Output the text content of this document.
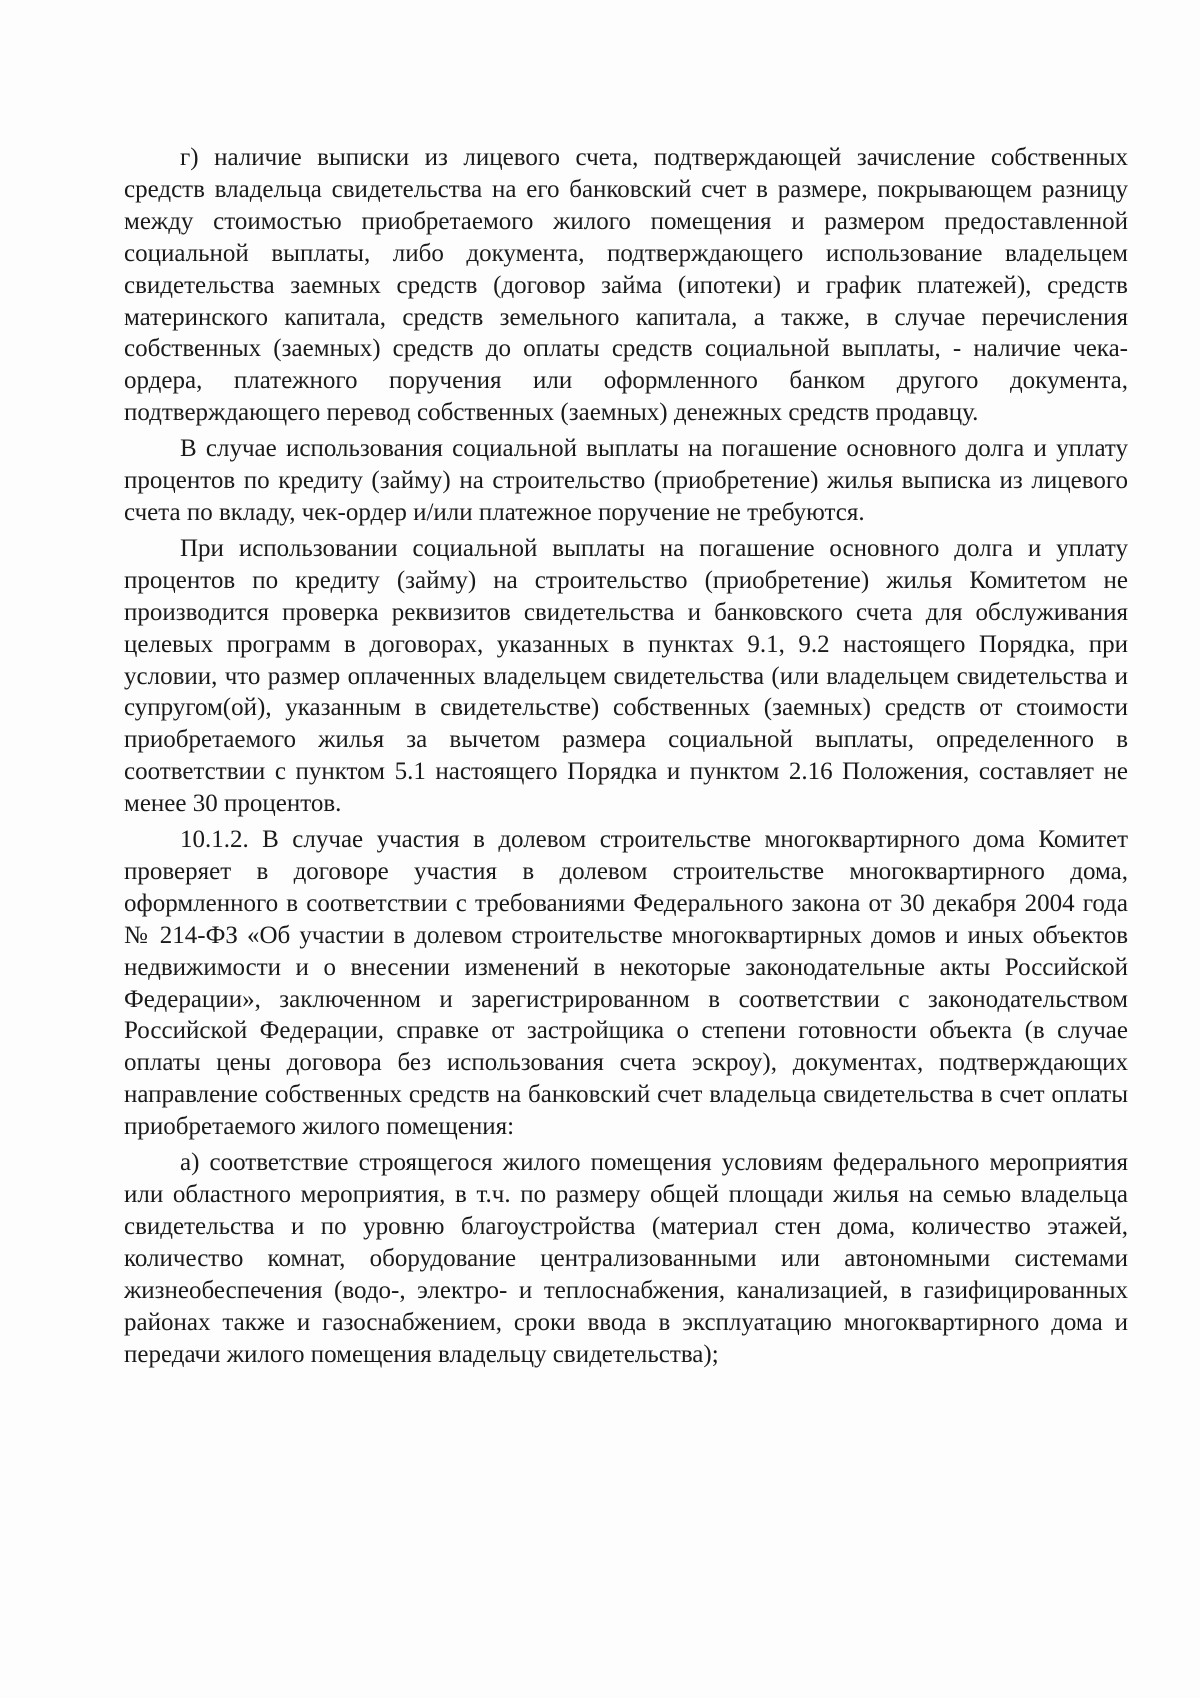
г) наличие выписки из лицевого счета, подтверждающей зачисление собственных средств владельца свидетельства на его банковский счет в размере, покрывающем разницу между стоимостью приобретаемого жилого помещения и размером предоставленной социальной выплаты, либо документа, подтверждающего использование владельцем свидетельства заемных средств (договор займа (ипотеки) и график платежей), средств материнского капитала, средств земельного капитала, а также, в случае перечисления собственных (заемных) средств до оплаты средств социальной выплаты, - наличие чека-ордера, платежного поручения или оформленного банком другого документа, подтверждающего перевод собственных (заемных) денежных средств продавцу.

В случае использования социальной выплаты на погашение основного долга и уплату процентов по кредиту (займу) на строительство (приобретение) жилья выписка из лицевого счета по вкладу, чек-ордер и/или платежное поручение не требуются.

При использовании социальной выплаты на погашение основного долга и уплату процентов по кредиту (займу) на строительство (приобретение) жилья Комитетом не производится проверка реквизитов свидетельства и банковского счета для обслуживания целевых программ в договорах, указанных в пунктах 9.1, 9.2 настоящего Порядка, при условии, что размер оплаченных владельцем свидетельства (или владельцем свидетельства и супругом(ой), указанным в свидетельстве) собственных (заемных) средств от стоимости приобретаемого жилья за вычетом размера социальной выплаты, определенного в соответствии с пунктом 5.1 настоящего Порядка и пунктом 2.16 Положения, составляет не менее 30 процентов.

10.1.2. В случае участия в долевом строительстве многоквартирного дома Комитет проверяет в договоре участия в долевом строительстве многоквартирного дома, оформленного в соответствии с требованиями Федерального закона от 30 декабря 2004 года № 214-ФЗ «Об участии в долевом строительстве многоквартирных домов и иных объектов недвижимости и о внесении изменений в некоторые законодательные акты Российской Федерации», заключенном и зарегистрированном в соответствии с законодательством Российской Федерации, справке от застройщика о степени готовности объекта (в случае оплаты цены договора без использования счета эскроу), документах, подтверждающих направление собственных средств на банковский счет владельца свидетельства в счет оплаты приобретаемого жилого помещения:

а) соответствие строящегося жилого помещения условиям федерального мероприятия или областного мероприятия, в т.ч. по размеру общей площади жилья на семью владельца свидетельства и по уровню благоустройства (материал стен дома, количество этажей, количество комнат, оборудование централизованными или автономными системами жизнеобеспечения (водо-, электро- и теплоснабжения, канализацией, в газифицированных районах также и газоснабжением, сроки ввода в эксплуатацию многоквартирного дома и передачи жилого помещения владельцу свидетельства);
